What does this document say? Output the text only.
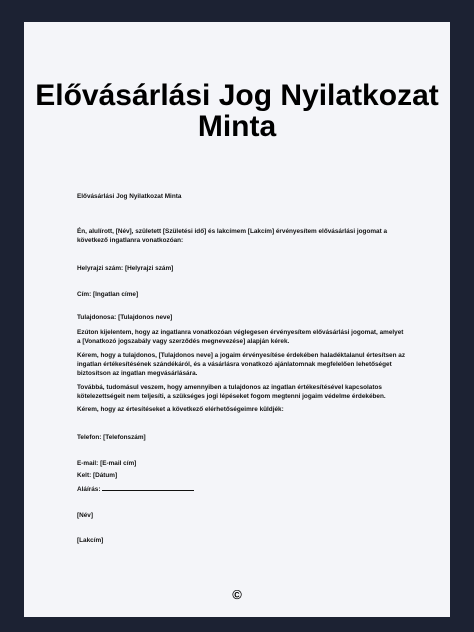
Elővásárlási Jog Nyilatkozat Minta

Elővásárlási Jog Nyilatkozat Minta

Én, alulírott, [Név], született [Születési idő] és lakcímem [Lakcím] érvényesítem elővásárlási jogomat a következő ingatlanra vonatkozóan:

Helyrajzi szám: [Helyrajzi szám]

Cím: [Ingatlan címe]

Tulajdonosa: [Tulajdonos neve]

Ezúton kijelentem, hogy az ingatlanra vonatkozóan véglegesen érvényesítem elővásárlási jogomat, amelyet a [Vonatkozó jogszabály vagy szerződés megnevezése] alapján kérek.

Kérem, hogy a tulajdonos, [Tulajdonos neve] a jogaim érvényesítése érdekében haladéktalanul értesítsen az ingatlan értékesítésének szándékáról, és a vásárlásra vonatkozó ajánlatomnak megfelelően lehetőséget biztosítson az ingatlan megvásárlására.

Továbbá, tudomásul veszem, hogy amennyiben a tulajdonos az ingatlan értékesítésével kapcsolatos kötelezettségeit nem teljesíti, a szükséges jogi lépéseket fogom megtenni jogaim védelme érdekében.

Kérem, hogy az értesítéseket a következő elérhetőségeimre küldjék:

Telefon: [Telefonszám]

E-mail: [E-mail cím]

Kelt: [Dátum]

Aláírás:

[Név]

[Lakcím]

©
